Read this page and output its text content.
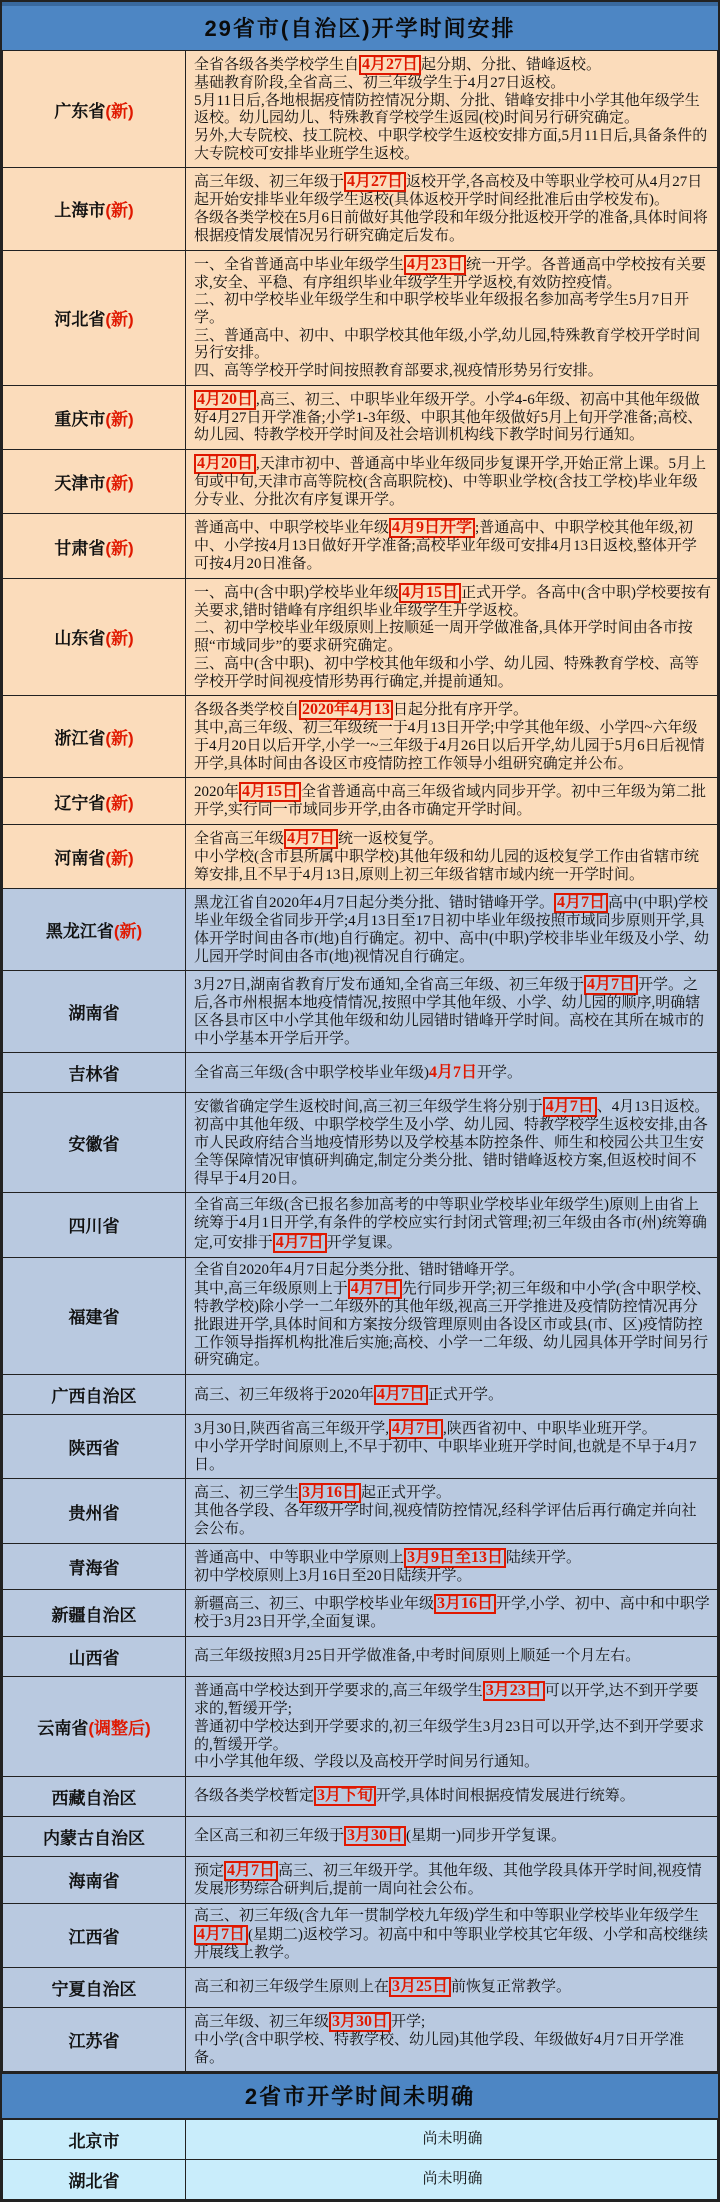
29省市(自治区)开学时间安排
广东省(新)	全省各级各类学校学生自 4月27日 起分期、分批、错峰返校。
基础教育阶段,全省高三、初三年级学生于4月27日返校。
5月11日后,各地根据疫情防控情况分期、分批、错峰安排中小学其他年级学生返校。幼儿园幼儿、特殊教育学校学生返园(校)时间另行研究确定。
另外,大专院校、技工院校、中职学校学生返校安排方面,5月11日后,具备条件的大专院校可安排毕业班学生返校。

上海市(新)	高三年级、初三年级于 4月27日 返校开学,各高校及中等职业学校可从4月27日起开始安排毕业年级学生返校(具体返校开学时间经批准后由学校发布)。
各级各类学校在5月6日前做好其他学段和年级分批返校开学的准备,具体时间将根据疫情发展情况另行研究确定后发布。

河北省(新)	一、全省普通高中毕业年级学生 4月23日 统一开学。各普通高中学校按有关要求,安全、平稳、有序组织毕业年级学生开学返校,有效防控疫情。
二、初中学校毕业年级学生和中职学校毕业年级报名参加高考学生5月7日开学。
三、普通高中、初中、中职学校其他年级,小学,幼儿园,特殊教育学校开学时间另行安排。
四、高等学校开学时间按照教育部要求,视疫情形势另行安排。

重庆市(新)	4月20日 ,高三、初三、中职毕业年级开学。小学4-6年级、初高中其他年级做好4月27日开学准备;小学1-3年级、中职其他年级做好5月上旬开学准备;高校、幼儿园、特教学校开学时间及社会培训机构线下教学时间另行通知。

天津市(新)	4月20日 ,天津市初中、普通高中毕业年级同步复课开学,开始正常上课。5月上旬或中旬,天津市高等院校(含高职院校)、中等职业学校(含技工学校)毕业年级分专业、分批次有序复课开学。

甘肃省(新)	普通高中、中职学校毕业年级 4月9日开学 ;普通高中、中职学校其他年级,初中、小学按4月13日做好开学准备;高校毕业年级可安排4月13日返校,整体开学可按4月20日准备。

山东省(新)	一、高中(含中职)学校毕业年级 4月15日 正式开学。各高中(含中职)学校要按有关要求,错时错峰有序组织毕业年级学生开学返校。
二、初中学校毕业年级原则上按顺延一周开学做准备,具体开学时间由各市按照“市域同步”的要求研究确定。
三、高中(含中职)、初中学校其他年级和小学、幼儿园、特殊教育学校、高等学校开学时间视疫情形势再行确定,并提前通知。

浙江省(新)	各级各类学校自 2020年4月13 日起分批有序开学。
其中,高三年级、初三年级统一于4月13日开学;中学其他年级、小学四~六年级于4月20日以后开学,小学一~三年级于4月26日以后开学,幼儿园于5月6日后视情开学,具体时间由各设区市疫情防控工作领导小组研究确定并公布。

辽宁省(新)	2020年 4月15日 全省普通高中高三年级省域内同步开学。初中三年级为第二批开学,实行同一市域同步开学,由各市确定开学时间。

河南省(新)	全省高三年级 4月7日 统一返校复学。
中小学校(含市县所属中职学校)其他年级和幼儿园的返校复学工作由省辖市统筹安排,且不早于4月13日,原则上初三年级省辖市域内统一开学时间。

黑龙江省(新)	黑龙江省自2020年4月7日起分类分批、错时错峰开学。 4月7日 高中(中职)学校毕业年级全省同步开学;4月13日至17日初中毕业年级按照市域同步原则开学,具体开学时间由各市(地)自行确定。初中、高中(中职)学校非毕业年级及小学、幼儿园开学时间由各市(地)视情况自行确定。

湖南省	3月27日,湖南省教育厅发布通知,全省高三年级、初三年级于 4月7日 开学。之后,各市州根据本地疫情情况,按照中学其他年级、小学、幼儿园的顺序,明确辖区各县市区中小学其他年级和幼儿园错时错峰开学时间。高校在其所在城市的中小学基本开学后开学。

吉林省	全省高三年级(含中职学校毕业年级)4月7日开学。

安徽省	安徽省确定学生返校时间,高三初三年级学生将分别于 4月7日 、4月13日返校。初高中其他年级、中职学校学生及小学、幼儿园、特教学校学生返校安排,由各市人民政府结合当地疫情形势以及学校基本防控条件、师生和校园公共卫生安全等保障情况审慎研判确定,制定分类分批、错时错峰返校方案,但返校时间不得早于4月20日。

四川省	全省高三年级(含已报名参加高考的中等职业学校毕业年级学生)原则上由省上统筹于4月1日开学,有条件的学校应实行封闭式管理;初三年级由各市(州)统筹确定,可安排于 4月7日 开学复课。

福建省	全省自2020年4月7日起分类分批、错时错峰开学。
其中,高三年级原则上于 4月7日 先行同步开学;初三年级和中小学(含中职学校、特教学校)除小学一二年级外的其他年级,视高三开学推进及疫情防控情况再分批跟进开学,具体时间和方案按分级管理原则由各设区市或县(市、区)疫情防控工作领导指挥机构批准后实施;高校、小学一二年级、幼儿园具体开学时间另行研究确定。

广西自治区	高三、初三年级将于2020年 4月7日 正式开学。

陕西省	3月30日,陕西省高三年级开学, 4月7日 ,陕西省初中、中职毕业班开学。
中小学开学时间原则上,不早于初中、中职毕业班开学时间,也就是不早于4月7日。

贵州省	高三、初三学生 3月16日 起正式开学。
其他各学段、各年级开学时间,视疫情防控情况,经科学评估后再行确定并向社会公布。

青海省	普通高中、中等职业中学原则上 3月9日至13日 陆续开学。
初中学校原则上3月16日至20日陆续开学。

新疆自治区	新疆高三、初三、中职学校毕业年级 3月16日 开学,小学、初中、高中和中职学校于3月23日开学,全面复课。

山西省	高三年级按照3月25日开学做准备,中考时间原则上顺延一个月左右。

云南省(调整后)	普通高中学校达到开学要求的,高三年级学生 3月23日 可以开学,达不到开学要求的,暂缓开学;
普通初中学校达到开学要求的,初三年级学生3月23日可以开学,达不到开学要求的,暂缓开学。
中小学其他年级、学段以及高校开学时间另行通知。

西藏自治区	各级各类学校暂定 3月下旬 开学,具体时间根据疫情发展进行统筹。

内蒙古自治区	全区高三和初三年级于 3月30日 (星期一)同步开学复课。

海南省	预定 4月7日 高三、初三年级开学。其他年级、其他学段具体开学时间,视疫情发展形势综合研判后,提前一周向社会公布。

江西省	高三、初三年级(含九年一贯制学校九年级)学生和中等职业学校毕业年级学生4月7日 (星期二)返校学习。初高中和中等职业学校其它年级、小学和高校继续开展线上教学。

宁夏自治区	高三和初三年级学生原则上在 3月25日 前恢复正常教学。

江苏省	高三年级、初三年级 3月30日 开学;
中小学(含中职学校、特教学校、幼儿园)其他学段、年级做好4月7日开学准备。
2省市开学时间未明确
北京市	尚未明确
湖北省	尚未明确
